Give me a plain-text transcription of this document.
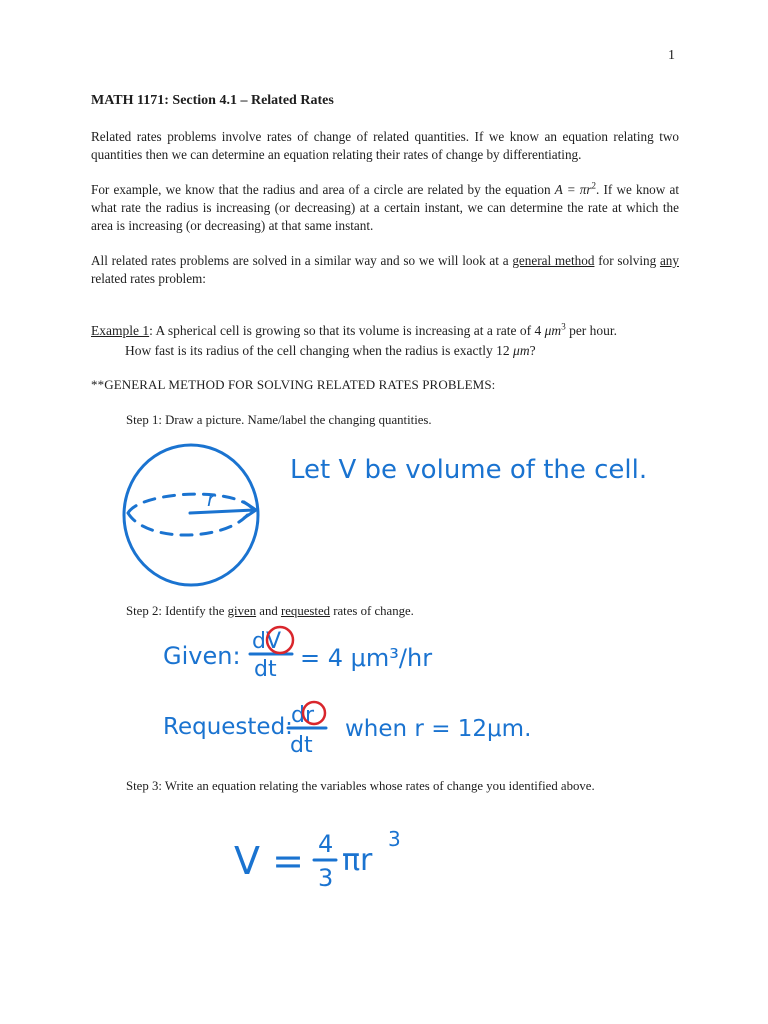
1
MATH 1171: Section 4.1 – Related Rates
Related rates problems involve rates of change of related quantities. If we know an equation relating two quantities then we can determine an equation relating their rates of change by differentiating.
For example, we know that the radius and area of a circle are related by the equation $A = \pi r^2$. If we know at what rate the radius is increasing (or decreasing) at a certain instant, we can determine the rate at which the area is increasing (or decreasing) at that same instant.
All related rates problems are solved in a similar way and so we will look at a general method for solving any related rates problem:
Example 1: A spherical cell is growing so that its volume is increasing at a rate of 4 $\mu m^3$ per hour.
How fast is its radius of the cell changing when the radius is exactly 12 μm?
**GENERAL METHOD FOR SOLVING RELATED RATES PROBLEMS:
Step 1: Draw a picture. Name/label the changing quantities.
Step 2: Identify the given and requested rates of change.
Step 3: Write an equation relating the variables whose rates of change you identified above.
r
Let V be volume of the cell.
Given:
dV
dt = 4 μm³/hr
Requested:
dr
dt
when r = 12μm.
V = 4
3 πr
3
